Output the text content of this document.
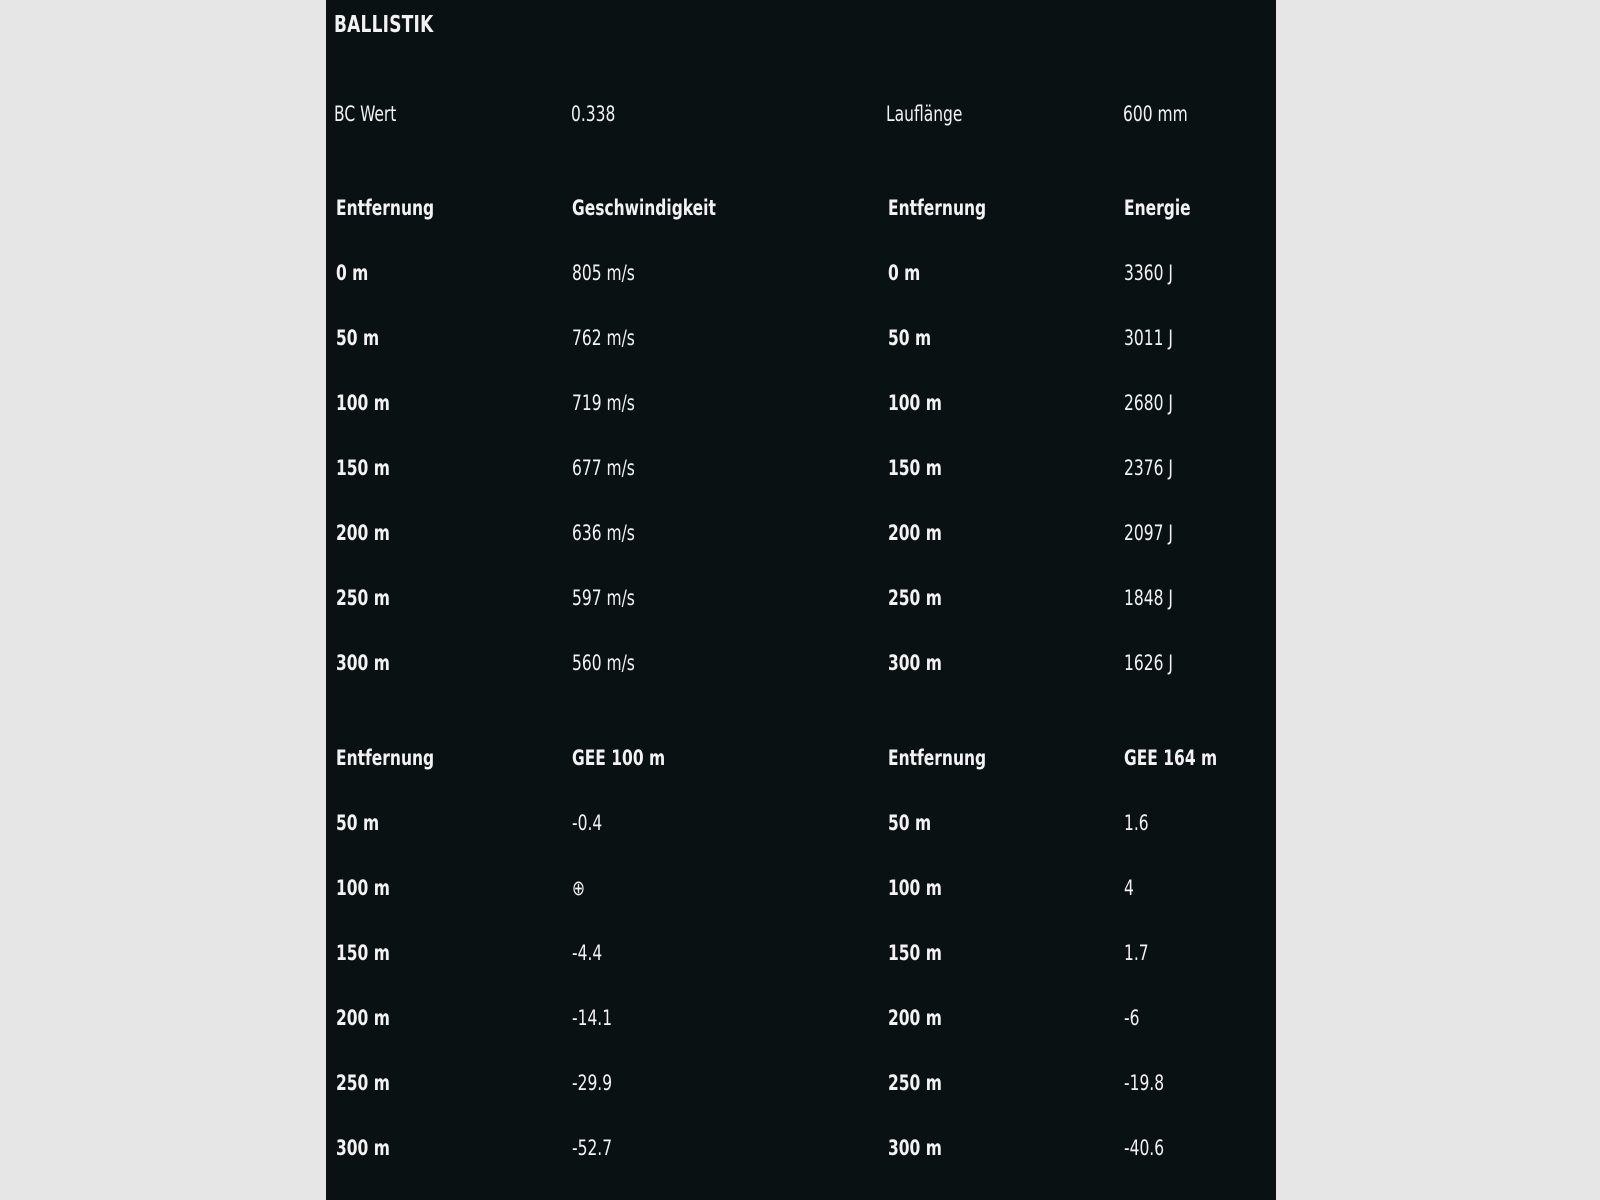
BALLISTIK
BC Wert	0.338	Lauflänge	600 mm
Entfernung	Geschwindigkeit	Entfernung	Energie
0 m	805 m/s	0 m	3360 J
50 m	762 m/s	50 m	3011 J
100 m	719 m/s	100 m	2680 J
150 m	677 m/s	150 m	2376 J
200 m	636 m/s	200 m	2097 J
250 m	597 m/s	250 m	1848 J
300 m	560 m/s	300 m	1626 J
Entfernung	GEE 100 m	Entfernung	GEE 164 m
50 m	-0.4	50 m	1.6
100 m	⊕	100 m	4
150 m	-4.4	150 m	1.7
200 m	-14.1	200 m	-6
250 m	-29.9	250 m	-19.8
300 m	-52.7	300 m	-40.6
